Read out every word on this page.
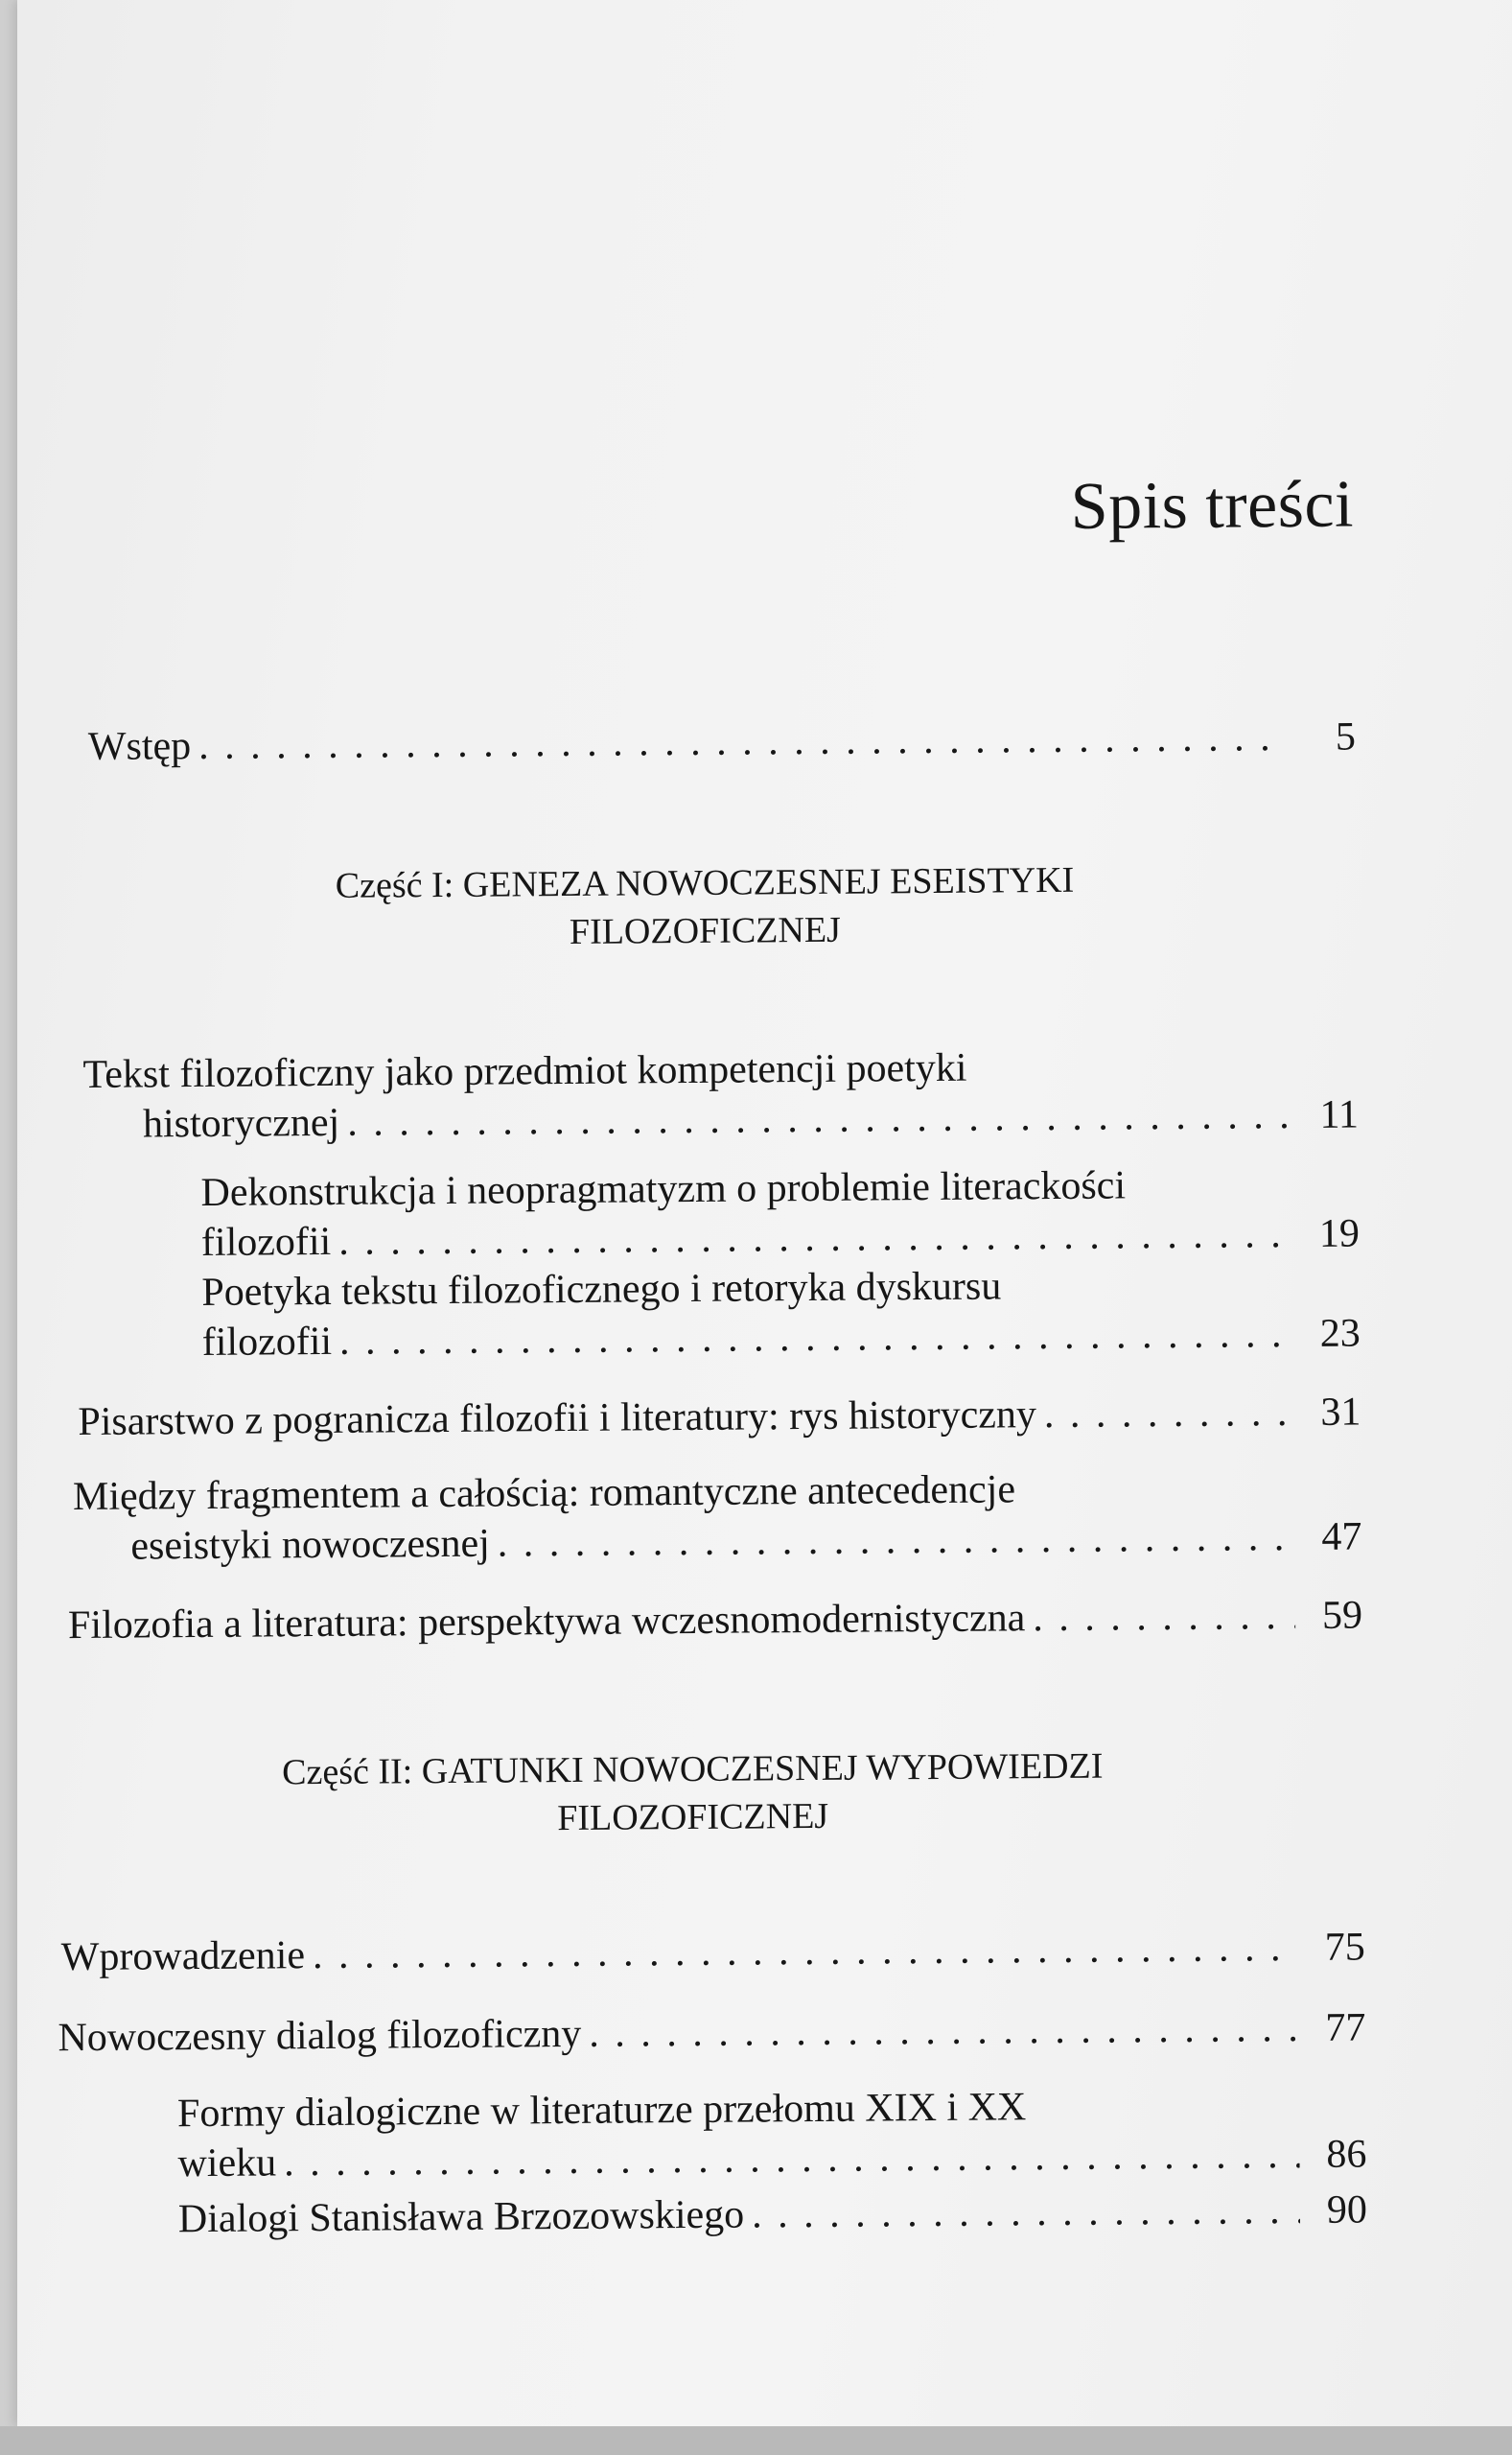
Spis treści
Wstęp . . .	5
Część I: GENEZA NOWOCZESNEJ ESEISTYKI
FILOZOFICZNEJ
Tekst filozoficzny jako przedmiot kompetencji poetyki
historycznej . . .	11
Dekonstrukcja i neopragmatyzm o problemie literackości
filozofii . . .	19
Poetyka tekstu filozoficznego i retoryka dyskursu
filozofii . . .	23
Pisarstwo z pogranicza filozofii i literatury: rys historyczny . . .	31
Między fragmentem a całością: romantyczne antecedencje
eseistyki nowoczesnej . . .	47
Filozofia a literatura: perspektywa wczesnomodernistyczna . . .	59
Część II: GATUNKI NOWOCZESNEJ WYPOWIEDZI
FILOZOFICZNEJ
Wprowadzenie . . .	75
Nowoczesny dialog filozoficzny . . .	77
Formy dialogiczne w literaturze przełomu XIX i XX
wieku . . .	86
Dialogi Stanisława Brzozowskiego . . .	90
